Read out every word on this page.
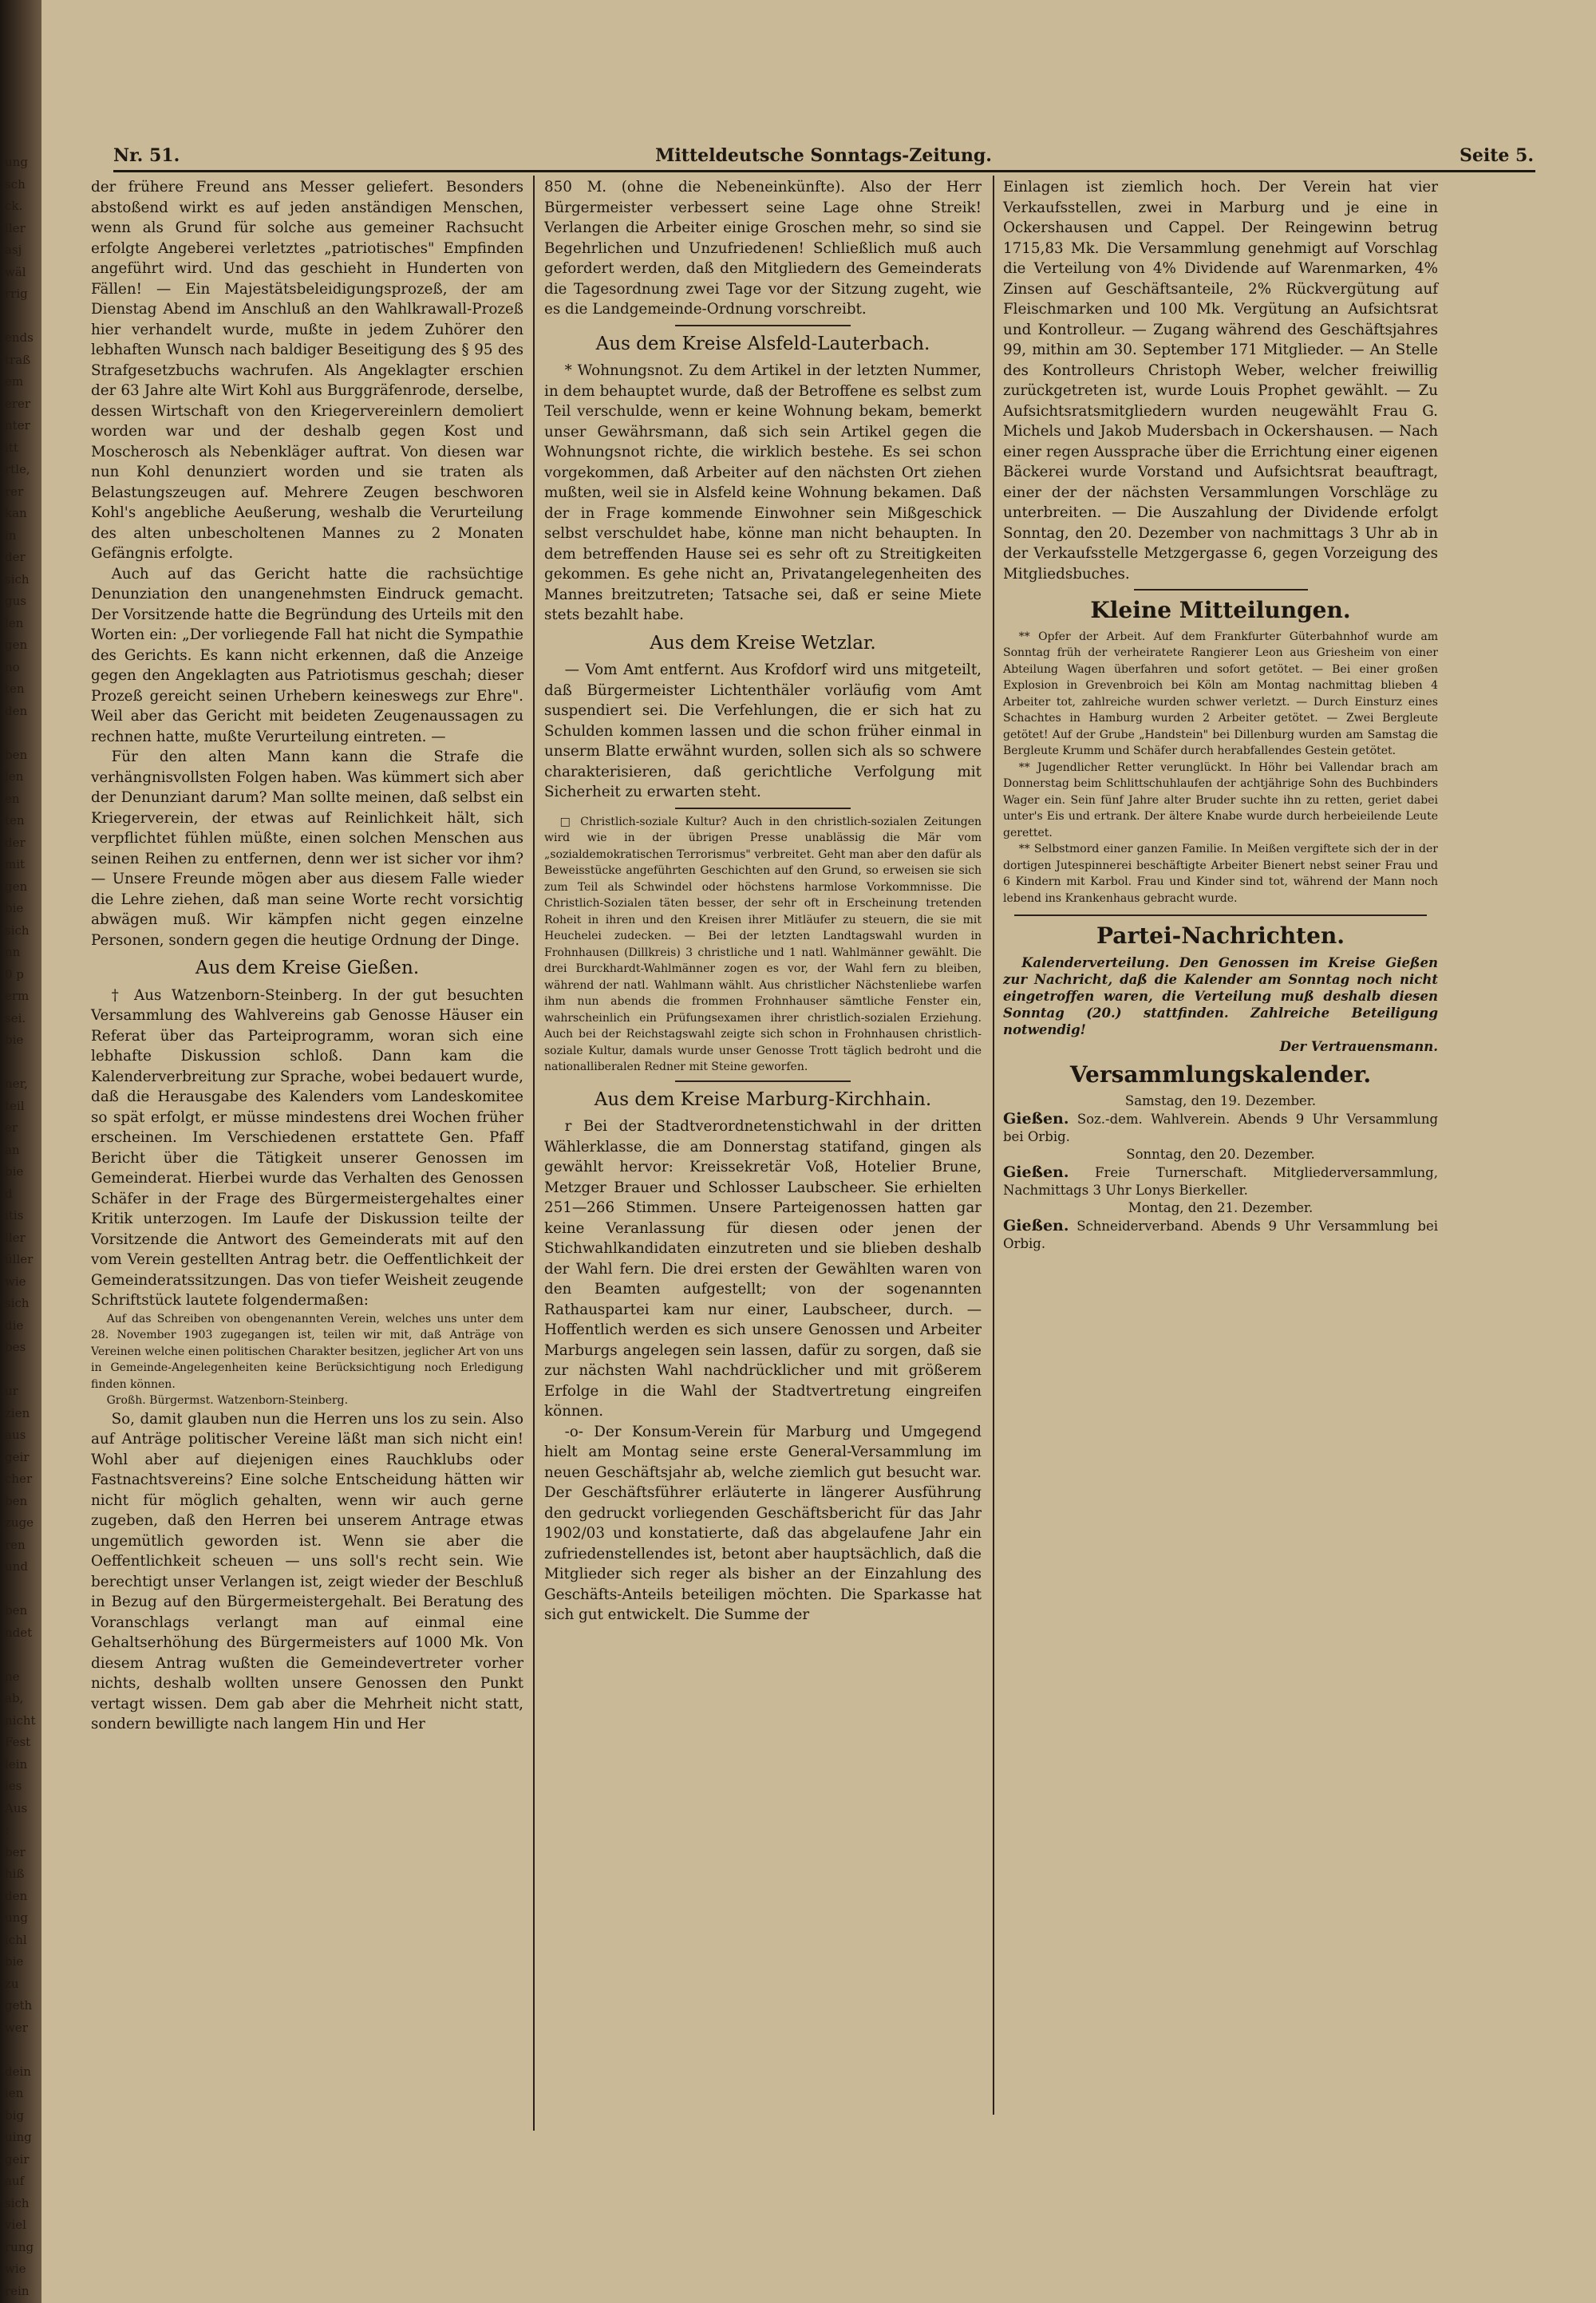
ung
sch
ck.
ller
asj
wäl
rrig

ends
traß
em
erer
nter
itt
rtle,
rer
kan
in
der
sich
gus
len
gen
no
ten
den

ben
len
en
ten
der
mit
gen
bie
sich
nn
0 p
erm
sei.
bie

ner,
teil
er
an
bie
d
itis
ller
üller
wie
sich
die
bes

ur
zien
aus
geir
cher
ben
zuge
ren
und

ben
ndet

ne
ab,
nicht
Fest
lein
ies
Aus
:
ber
hiß
den
ung
ichl
bie
zu
geth
wer

dein
ien
big
uing
geir
auf
sich
viel
rung
wie
rein
Nr. 51.	Mitteldeutsche Sonntags-Zeitung.	Seite 5.

der frühere Freund ans Messer geliefert. Besonders abstoßend wirkt es auf jeden anständigen Menschen, wenn als Grund für solche aus gemeiner Rachsucht erfolgte Angeberei verletztes „patriotisches" Empfinden angeführt wird. Und das geschieht in Hunderten von Fällen! — Ein Majestätsbeleidigungsprozeß, der am Dienstag Abend im Anschluß an den Wahlkrawall-Prozeß hier verhandelt wurde, mußte in jedem Zuhörer den lebhaften Wunsch nach baldiger Beseitigung des § 95 des Strafgesetzbuchs wachrufen. Als Angeklagter erschien der 63 Jahre alte Wirt Kohl aus Burggräfenrode, derselbe, dessen Wirtschaft von den Kriegervereinlern demoliert worden war und der deshalb gegen Kost und Moscherosch als Nebenkläger auftrat. Von diesen war nun Kohl denunziert worden und sie traten als Belastungszeugen auf. Mehrere Zeugen beschworen Kohl's angebliche Aeußerung, weshalb die Verurteilung des alten unbescholtenen Mannes zu 2 Monaten Gefängnis erfolgte.

Auch auf das Gericht hatte die rachsüchtige Denunziation den unangenehmsten Eindruck gemacht. Der Vorsitzende hatte die Begründung des Urteils mit den Worten ein: „Der vorliegende Fall hat nicht die Sympathie des Gerichts. Es kann nicht erkennen, daß die Anzeige gegen den Angeklagten aus Patriotismus geschah; dieser Prozeß gereicht seinen Urhebern keineswegs zur Ehre". Weil aber das Gericht mit beideten Zeugenaussagen zu rechnen hatte, mußte Verurteilung eintreten. —

Für den alten Mann kann die Strafe die verhängnisvollsten Folgen haben. Was kümmert sich aber der Denunziant darum? Man sollte meinen, daß selbst ein Kriegerverein, der etwas auf Reinlichkeit hält, sich verpflichtet fühlen müßte, einen solchen Menschen aus seinen Reihen zu entfernen, denn wer ist sicher vor ihm? — Unsere Freunde mögen aber aus diesem Falle wieder die Lehre ziehen, daß man seine Worte recht vorsichtig abwägen muß. Wir kämpfen nicht gegen einzelne Personen, sondern gegen die heutige Ordnung der Dinge.

Aus dem Kreise Gießen.

† Aus Watzenborn-Steinberg. In der gut besuchten Versammlung des Wahlvereins gab Genosse Häuser ein Referat über das Parteiprogramm, woran sich eine lebhafte Diskussion schloß. Dann kam die Kalenderverbreitung zur Sprache, wobei bedauert wurde, daß die Herausgabe des Kalenders vom Landeskomitee so spät erfolgt, er müsse mindestens drei Wochen früher erscheinen. Im Verschiedenen erstattete Gen. Pfaff Bericht über die Tätigkeit unserer Genossen im Gemeinderat. Hierbei wurde das Verhalten des Genossen Schäfer in der Frage des Bürgermeistergehaltes einer Kritik unterzogen. Im Laufe der Diskussion teilte der Vorsitzende die Antwort des Gemeinderats mit auf den vom Verein gestellten Antrag betr. die Oeffentlichkeit der Gemeinderatssitzungen. Das von tiefer Weisheit zeugende Schriftstück lautete folgendermaßen:

Auf das Schreiben von obengenannten Verein, welches uns unter dem 28. November 1903 zugegangen ist, teilen wir mit, daß Anträge von Vereinen welche einen politischen Charakter besitzen, jeglicher Art von uns in Gemeinde-Angelegenheiten keine Berücksichtigung noch Erledigung finden können.

Großh. Bürgermst. Watzenborn-Steinberg.

So, damit glauben nun die Herren uns los zu sein. Also auf Anträge politischer Vereine läßt man sich nicht ein! Wohl aber auf diejenigen eines Rauchklubs oder Fastnachtsvereins? Eine solche Entscheidung hätten wir nicht für möglich gehalten, wenn wir auch gerne zugeben, daß den Herren bei unserem Antrage etwas ungemütlich geworden ist. Wenn sie aber die Oeffentlichkeit scheuen — uns soll's recht sein. Wie berechtigt unser Verlangen ist, zeigt wieder der Beschluß in Bezug auf den Bürgermeistergehalt. Bei Beratung des Voranschlags verlangt man auf einmal eine Gehaltserhöhung des Bürgermeisters auf 1000 Mk. Von diesem Antrag wußten die Gemeindevertreter vorher nichts, deshalb wollten unsere Genossen den Punkt vertagt wissen. Dem gab aber die Mehrheit nicht statt, sondern bewilligte nach langem Hin und Her

850 M. (ohne die Nebeneinkünfte). Also der Herr Bürgermeister verbessert seine Lage ohne Streik! Verlangen die Arbeiter einige Groschen mehr, so sind sie Begehrlichen und Unzufriedenen! Schließlich muß auch gefordert werden, daß den Mitgliedern des Gemeinderats die Tagesordnung zwei Tage vor der Sitzung zugeht, wie es die Landgemeinde-Ordnung vorschreibt.

Aus dem Kreise Alsfeld-Lauterbach.

* Wohnungsnot. Zu dem Artikel in der letzten Nummer, in dem behauptet wurde, daß der Betroffene es selbst zum Teil verschulde, wenn er keine Wohnung bekam, bemerkt unser Gewährsmann, daß sich sein Artikel gegen die Wohnungsnot richte, die wirklich bestehe. Es sei schon vorgekommen, daß Arbeiter auf den nächsten Ort ziehen mußten, weil sie in Alsfeld keine Wohnung bekamen. Daß der in Frage kommende Einwohner sein Mißgeschick selbst verschuldet habe, könne man nicht behaupten. In dem betreffenden Hause sei es sehr oft zu Streitigkeiten gekommen. Es gehe nicht an, Privatangelegenheiten des Mannes breitzutreten; Tatsache sei, daß er seine Miete stets bezahlt habe.

Aus dem Kreise Wetzlar.

— Vom Amt entfernt. Aus Krofdorf wird uns mitgeteilt, daß Bürgermeister Lichtenthäler vorläufig vom Amt suspendiert sei. Die Verfehlungen, die er sich hat zu Schulden kommen lassen und die schon früher einmal in unserm Blatte erwähnt wurden, sollen sich als so schwere charakterisieren, daß gerichtliche Verfolgung mit Sicherheit zu erwarten steht.

□ Christlich-soziale Kultur? Auch in den christlich-sozialen Zeitungen wird wie in der übrigen Presse unablässig die Mär vom „sozialdemokratischen Terrorismus" verbreitet. Geht man aber den dafür als Beweisstücke angeführten Geschichten auf den Grund, so erweisen sie sich zum Teil als Schwindel oder höchstens harmlose Vorkommnisse. Die Christlich-Sozialen täten besser, der sehr oft in Erscheinung tretenden Roheit in ihren und den Kreisen ihrer Mitläufer zu steuern, die sie mit Heuchelei zudecken. — Bei der letzten Landtagswahl wurden in Frohnhausen (Dillkreis) 3 christliche und 1 natl. Wahlmänner gewählt. Die drei Burckhardt-Wahlmänner zogen es vor, der Wahl fern zu bleiben, während der natl. Wahlmann wählt. Aus christlicher Nächstenliebe warfen ihm nun abends die frommen Frohnhauser sämtliche Fenster ein, wahrscheinlich ein Prüfungsexamen ihrer christlich-sozialen Erziehung. Auch bei der Reichstagswahl zeigte sich schon in Frohnhausen christlich-soziale Kultur, damals wurde unser Genosse Trott täglich bedroht und die nationalliberalen Redner mit Steine geworfen.

Aus dem Kreise Marburg-Kirchhain.

r Bei der Stadtverordnetenstichwahl in der dritten Wählerklasse, die am Donnerstag statifand, gingen als gewählt hervor: Kreissekretär Voß, Hotelier Brune, Metzger Brauer und Schlosser Laubscheer. Sie erhielten 251—266 Stimmen. Unsere Parteigenossen hatten gar keine Veranlassung für diesen oder jenen der Stichwahlkandidaten einzutreten und sie blieben deshalb der Wahl fern. Die drei ersten der Gewählten waren von den Beamten aufgestellt; von der sogenannten Rathauspartei kam nur einer, Laubscheer, durch. — Hoffentlich werden es sich unsere Genossen und Arbeiter Marburgs angelegen sein lassen, dafür zu sorgen, daß sie zur nächsten Wahl nachdrücklicher und mit größerem Erfolge in die Wahl der Stadtvertretung eingreifen können.

-o- Der Konsum-Verein für Marburg und Umgegend hielt am Montag seine erste General-Versammlung im neuen Geschäftsjahr ab, welche ziemlich gut besucht war. Der Geschäftsführer erläuterte in längerer Ausführung den gedruckt vorliegenden Geschäftsbericht für das Jahr 1902/03 und konstatierte, daß das abgelaufene Jahr ein zufriedenstellendes ist, betont aber hauptsächlich, daß die Mitglieder sich reger als bisher an der Einzahlung des Geschäfts-Anteils beteiligen möchten. Die Sparkasse hat sich gut entwickelt. Die Summe der

Einlagen ist ziemlich hoch. Der Verein hat vier Verkaufsstellen, zwei in Marburg und je eine in Ockershausen und Cappel. Der Reingewinn betrug 1715,83 Mk. Die Versammlung genehmigt auf Vorschlag die Verteilung von 4% Dividende auf Warenmarken, 4% Zinsen auf Geschäftsanteile, 2% Rückvergütung auf Fleischmarken und 100 Mk. Vergütung an Aufsichtsrat und Kontrolleur. — Zugang während des Geschäftsjahres 99, mithin am 30. September 171 Mitglieder. — An Stelle des Kontrolleurs Christoph Weber, welcher freiwillig zurückgetreten ist, wurde Louis Prophet gewählt. — Zu Aufsichtsratsmitgliedern wurden neugewählt Frau G. Michels und Jakob Mudersbach in Ockershausen. — Nach einer regen Aussprache über die Errichtung einer eigenen Bäckerei wurde Vorstand und Aufsichtsrat beauftragt, einer der der nächsten Versammlungen Vorschläge zu unterbreiten. — Die Auszahlung der Dividende erfolgt Sonntag, den 20. Dezember von nachmittags 3 Uhr ab in der Verkaufsstelle Metzgergasse 6, gegen Vorzeigung des Mitgliedsbuches.

Kleine Mitteilungen.

** Opfer der Arbeit. Auf dem Frankfurter Güterbahnhof wurde am Sonntag früh der verheiratete Rangierer Leon aus Griesheim von einer Abteilung Wagen überfahren und sofort getötet. — Bei einer großen Explosion in Grevenbroich bei Köln am Montag nachmittag blieben 4 Arbeiter tot, zahlreiche wurden schwer verletzt. — Durch Einsturz eines Schachtes in Hamburg wurden 2 Arbeiter getötet. — Zwei Bergleute getötet! Auf der Grube „Handstein" bei Dillenburg wurden am Samstag die Bergleute Krumm und Schäfer durch herabfallendes Gestein getötet.

** Jugendlicher Retter verunglückt. In Höhr bei Vallendar brach am Donnerstag beim Schlittschuhlaufen der achtjährige Sohn des Buchbinders Wager ein. Sein fünf Jahre alter Bruder suchte ihn zu retten, geriet dabei unter's Eis und ertrank. Der ältere Knabe wurde durch herbeieilende Leute gerettet.

** Selbstmord einer ganzen Familie. In Meißen vergiftete sich der in der dortigen Jutespinnerei beschäftigte Arbeiter Bienert nebst seiner Frau und 6 Kindern mit Karbol. Frau und Kinder sind tot, während der Mann noch lebend ins Krankenhaus gebracht wurde.

Partei-Nachrichten.

Kalenderverteilung. Den Genossen im Kreise Gießen zur Nachricht, daß die Kalender am Sonntag noch nicht eingetroffen waren, die Verteilung muß deshalb diesen Sonntag (20.) stattfinden. Zahlreiche Beteiligung notwendig!

Der Vertrauensmann.

Versammlungskalender.
Samstag, den 19. Dezember.
Gießen. Soz.-dem. Wahlverein. Abends 9 Uhr Versammlung bei Orbig.
Sonntag, den 20. Dezember.
Gießen. Freie Turnerschaft. Mitgliederversammlung, Nachmittags 3 Uhr Lonys Bierkeller.
Montag, den 21. Dezember.
Gießen. Schneiderverband. Abends 9 Uhr Versammlung bei Orbig.
